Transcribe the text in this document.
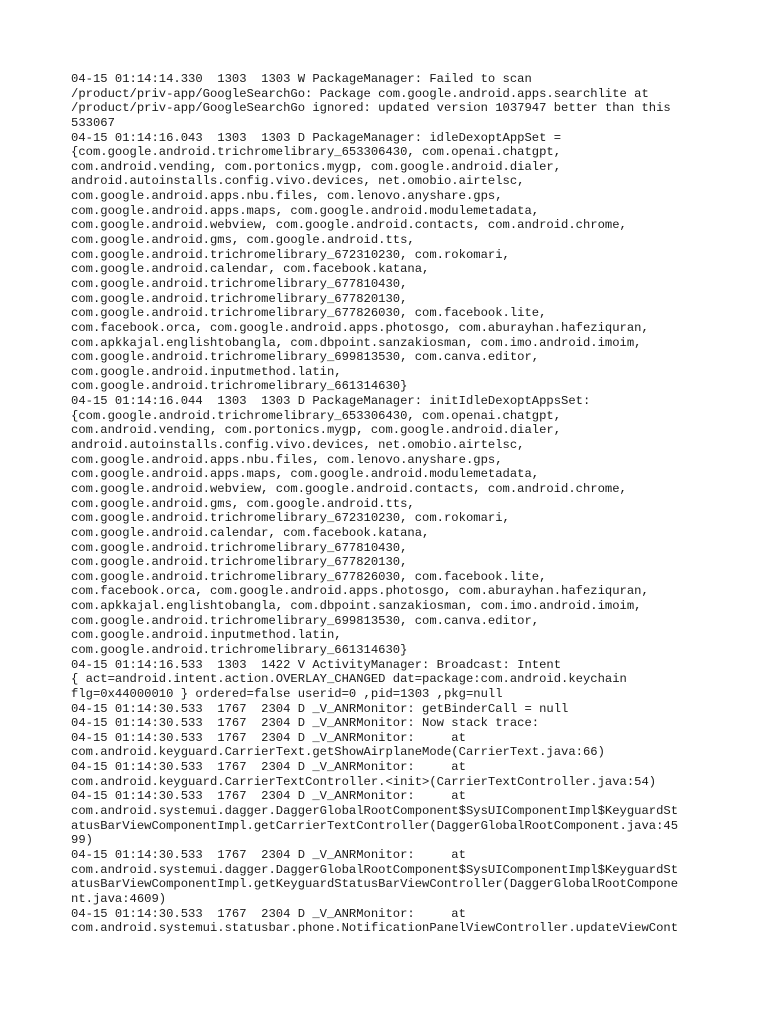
04-15 01:14:14.330  1303  1303 W PackageManager: Failed to scan
/product/priv-app/GoogleSearchGo: Package com.google.android.apps.searchlite at
/product/priv-app/GoogleSearchGo ignored: updated version 1037947 better than this
533067
04-15 01:14:16.043  1303  1303 D PackageManager: idleDexoptAppSet =
{com.google.android.trichromelibrary_653306430, com.openai.chatgpt,
com.android.vending, com.portonics.mygp, com.google.android.dialer,
android.autoinstalls.config.vivo.devices, net.omobio.airtelsc,
com.google.android.apps.nbu.files, com.lenovo.anyshare.gps,
com.google.android.apps.maps, com.google.android.modulemetadata,
com.google.android.webview, com.google.android.contacts, com.android.chrome,
com.google.android.gms, com.google.android.tts,
com.google.android.trichromelibrary_672310230, com.rokomari,
com.google.android.calendar, com.facebook.katana,
com.google.android.trichromelibrary_677810430,
com.google.android.trichromelibrary_677820130,
com.google.android.trichromelibrary_677826030, com.facebook.lite,
com.facebook.orca, com.google.android.apps.photosgo, com.aburayhan.hafeziquran,
com.apkkajal.englishtobangla, com.dbpoint.sanzakiosman, com.imo.android.imoim,
com.google.android.trichromelibrary_699813530, com.canva.editor,
com.google.android.inputmethod.latin,
com.google.android.trichromelibrary_661314630}
04-15 01:14:16.044  1303  1303 D PackageManager: initIdleDexoptAppsSet:
{com.google.android.trichromelibrary_653306430, com.openai.chatgpt,
com.android.vending, com.portonics.mygp, com.google.android.dialer,
android.autoinstalls.config.vivo.devices, net.omobio.airtelsc,
com.google.android.apps.nbu.files, com.lenovo.anyshare.gps,
com.google.android.apps.maps, com.google.android.modulemetadata,
com.google.android.webview, com.google.android.contacts, com.android.chrome,
com.google.android.gms, com.google.android.tts,
com.google.android.trichromelibrary_672310230, com.rokomari,
com.google.android.calendar, com.facebook.katana,
com.google.android.trichromelibrary_677810430,
com.google.android.trichromelibrary_677820130,
com.google.android.trichromelibrary_677826030, com.facebook.lite,
com.facebook.orca, com.google.android.apps.photosgo, com.aburayhan.hafeziquran,
com.apkkajal.englishtobangla, com.dbpoint.sanzakiosman, com.imo.android.imoim,
com.google.android.trichromelibrary_699813530, com.canva.editor,
com.google.android.inputmethod.latin,
com.google.android.trichromelibrary_661314630}
04-15 01:14:16.533  1303  1422 V ActivityManager: Broadcast: Intent
{ act=android.intent.action.OVERLAY_CHANGED dat=package:com.android.keychain
flg=0x44000010 } ordered=false userid=0 ,pid=1303 ,pkg=null
04-15 01:14:30.533  1767  2304 D _V_ANRMonitor: getBinderCall = null
04-15 01:14:30.533  1767  2304 D _V_ANRMonitor: Now stack trace:
04-15 01:14:30.533  1767  2304 D _V_ANRMonitor:     at
com.android.keyguard.CarrierText.getShowAirplaneMode(CarrierText.java:66)
04-15 01:14:30.533  1767  2304 D _V_ANRMonitor:     at
com.android.keyguard.CarrierTextController.<init>(CarrierTextController.java:54)
04-15 01:14:30.533  1767  2304 D _V_ANRMonitor:     at
com.android.systemui.dagger.DaggerGlobalRootComponent$SysUIComponentImpl$KeyguardSt
atusBarViewComponentImpl.getCarrierTextController(DaggerGlobalRootComponent.java:45
99)
04-15 01:14:30.533  1767  2304 D _V_ANRMonitor:     at
com.android.systemui.dagger.DaggerGlobalRootComponent$SysUIComponentImpl$KeyguardSt
atusBarViewComponentImpl.getKeyguardStatusBarViewController(DaggerGlobalRootCompone
nt.java:4609)
04-15 01:14:30.533  1767  2304 D _V_ANRMonitor:     at
com.android.systemui.statusbar.phone.NotificationPanelViewController.updateViewCont
